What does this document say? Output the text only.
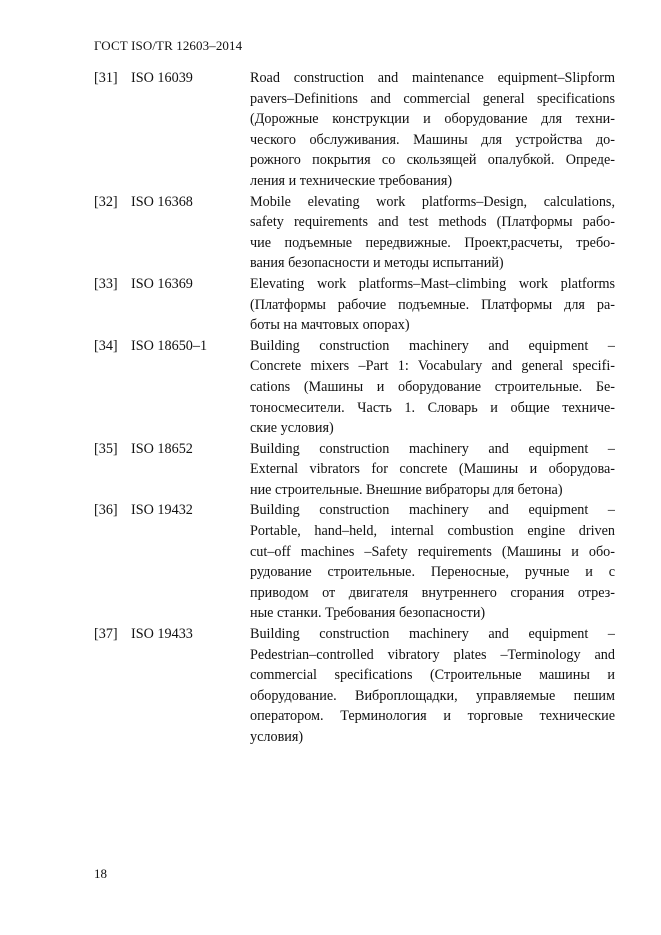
ГОСТ ISO/TR 12603–2014
[31] ISO 16039	Road construction and maintenance equipment–Slipform
pavers–Definitions and commercial general specifications
(Дорожные конструкции и оборудование для техни-
ческого обслуживания. Машины для устройства до-
рожного покрытия со скользящей опалубкой. Опреде-
ления и технические требования)
[32] ISO 16368	Mobile elevating work platforms–Design, calculations,
safety requirements and test methods (Платформы рабо-
чие подъемные передвижные. Проект,расчеты, требо-
вания безопасности и методы испытаний)
[33] ISO 16369	Elevating work platforms–Mast–climbing work platforms
(Платформы рабочие подъемные. Платформы для ра-
боты на мачтовых опорах)
[34] ISO 18650–1	Building construction machinery and equipment –
Concrete mixers –Part 1: Vocabulary and general specifi-
cations (Машины и оборудование строительные. Бе-
тоносмесители. Часть 1. Словарь и общие техниче-
ские условия)
[35] ISO 18652	Building construction machinery and equipment –
External vibrators for concrete (Машины и оборудова-
ние строительные. Внешние вибраторы для бетона)
[36] ISO 19432	Building construction machinery and equipment –
Portable, hand–held, internal combustion engine driven
cut–off machines –Safety requirements (Машины и обо-
рудование строительные. Переносные, ручные и с
приводом от двигателя внутреннего сгорания отрез-
ные станки. Требования безопасности)
[37] ISO 19433	Building construction machinery and equipment –
Pedestrian–controlled vibratory plates –Terminology and
commercial specifications (Строительные машины и
оборудование. Виброплощадки, управляемые пешим
оператором. Терминология и торговые технические
условия)
18
